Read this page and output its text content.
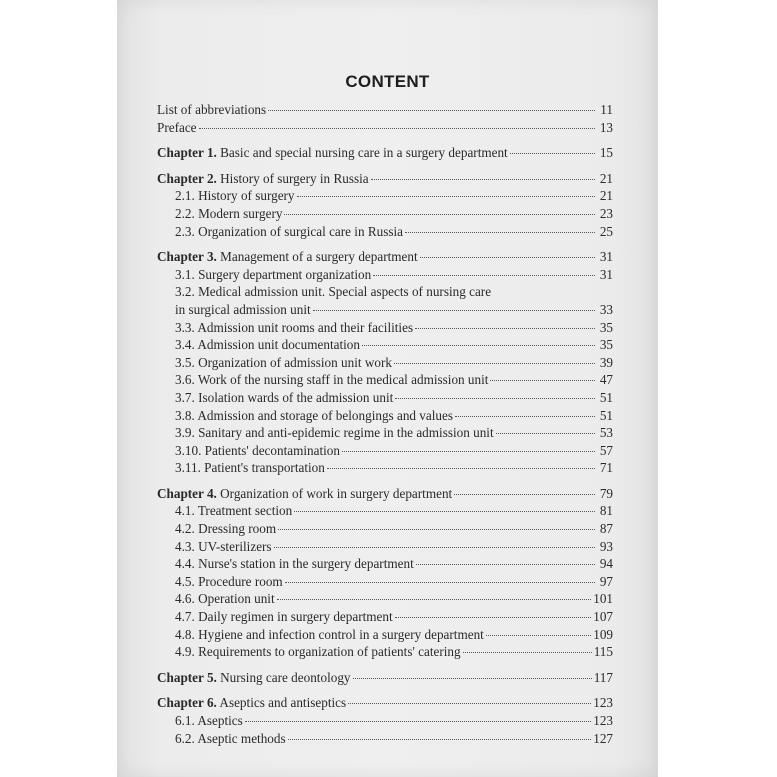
CONTENT
List of abbreviations	11
Preface	13
Chapter 1. Basic and special nursing care in a surgery department	15
Chapter 2. History of surgery in Russia	21
2.1. History of surgery	21
2.2. Modern surgery	23
2.3. Organization of surgical care in Russia	25
Chapter 3. Management of a surgery department	31
3.1. Surgery department organization	31
3.2. Medical admission unit. Special aspects of nursing care
in surgical admission unit	33
3.3. Admission unit rooms and their facilities	35
3.4. Admission unit documentation	35
3.5. Organization of admission unit work	39
3.6. Work of the nursing staff in the medical admission unit	47
3.7. Isolation wards of the admission unit	51
3.8. Admission and storage of belongings and values	51
3.9. Sanitary and anti-epidemic regime in the admission unit	53
3.10. Patients' decontamination	57
3.11. Patient's transportation	71
Chapter 4. Organization of work in surgery department	79
4.1. Treatment section	81
4.2. Dressing room	87
4.3. UV-sterilizers	93
4.4. Nurse's station in the surgery department	94
4.5. Procedure room	97
4.6. Operation unit	101
4.7. Daily regimen in surgery department	107
4.8. Hygiene and infection control in a surgery department	109
4.9. Requirements to organization of patients' catering	115
Chapter 5. Nursing care deontology	117
Chapter 6. Aseptics and antiseptics	123
6.1. Aseptics	123
6.2. Aseptic methods	127
